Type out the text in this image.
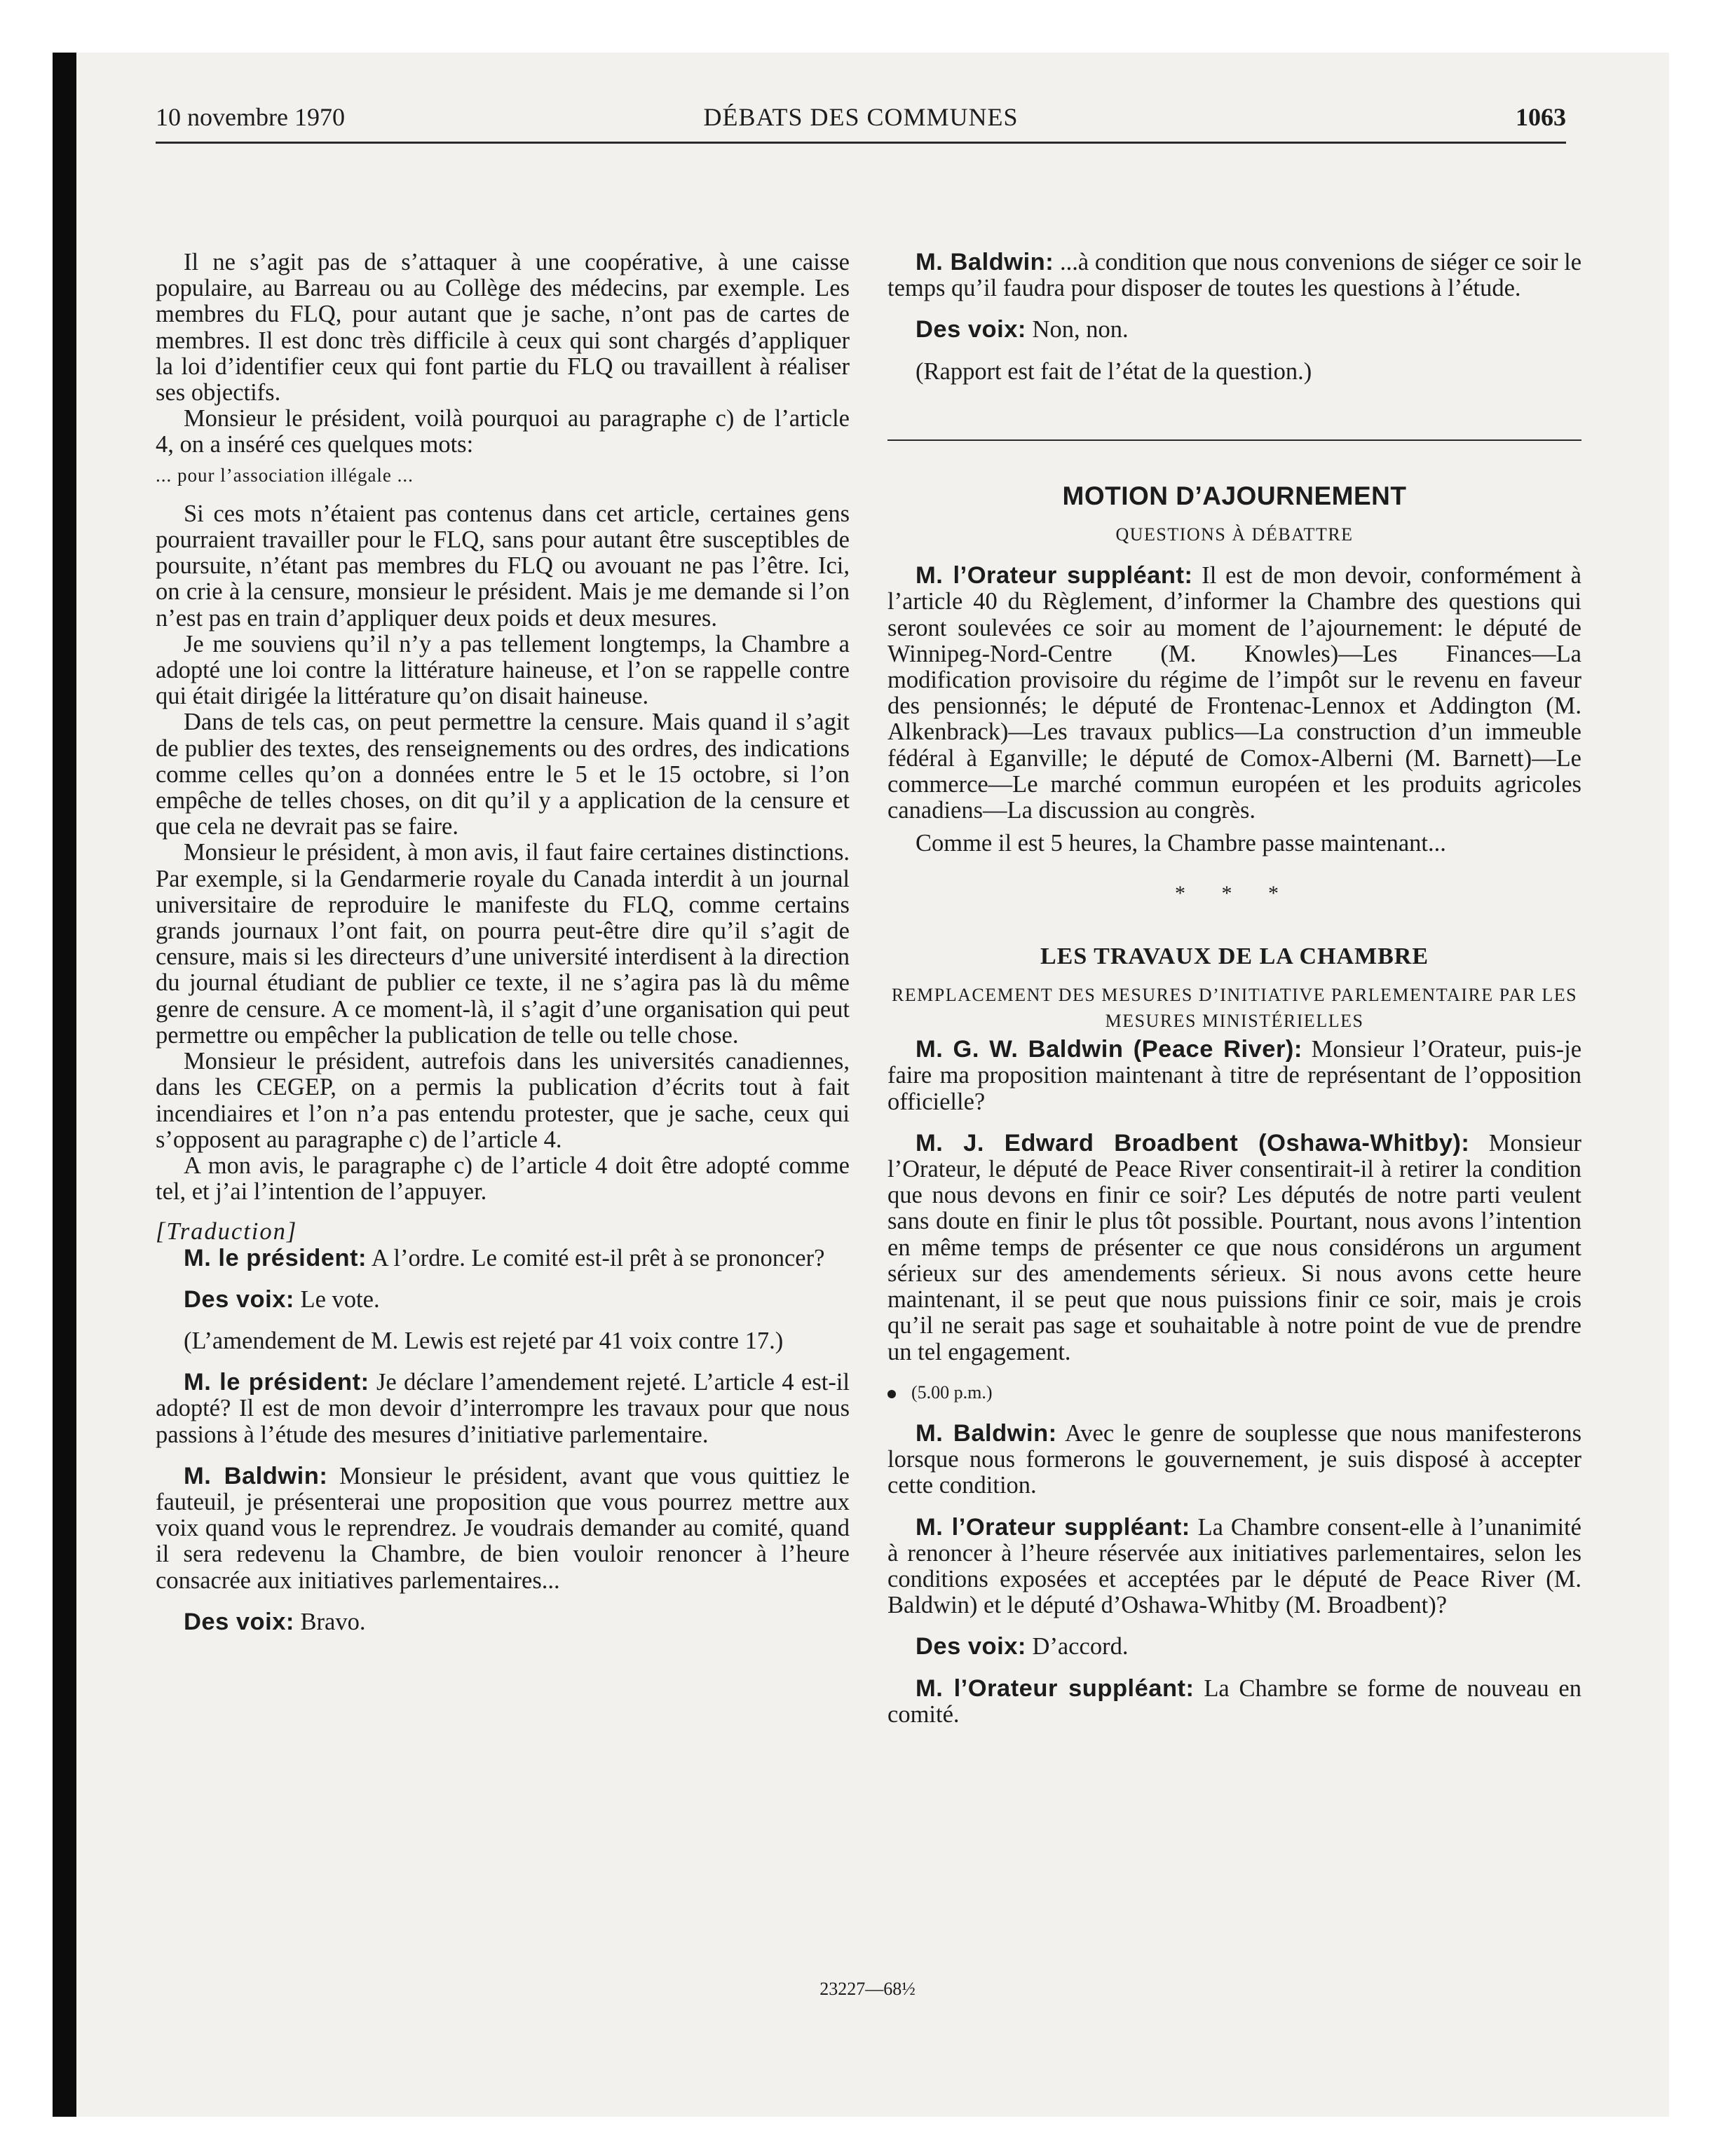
10 novembre 1970	DÉBATS DES COMMUNES	1063

Il ne s’agit pas de s’attaquer à une coopérative, à une caisse populaire, au Barreau ou au Collège des médecins, par exemple. Les membres du FLQ, pour autant que je sache, n’ont pas de cartes de membres. Il est donc très difficile à ceux qui sont chargés d’appliquer la loi d’identifier ceux qui font partie du FLQ ou travaillent à réaliser ses objectifs.

Monsieur le président, voilà pourquoi au paragraphe c) de l’article 4, on a inséré ces quelques mots:

... pour l’association illégale ...

Si ces mots n’étaient pas contenus dans cet article, certaines gens pourraient travailler pour le FLQ, sans pour autant être susceptibles de poursuite, n’étant pas membres du FLQ ou avouant ne pas l’être. Ici, on crie à la censure, monsieur le président. Mais je me demande si l’on n’est pas en train d’appliquer deux poids et deux mesures.

Je me souviens qu’il n’y a pas tellement longtemps, la Chambre a adopté une loi contre la littérature haineuse, et l’on se rappelle contre qui était dirigée la littérature qu’on disait haineuse.

Dans de tels cas, on peut permettre la censure. Mais quand il s’agit de publier des textes, des renseignements ou des ordres, des indications comme celles qu’on a données entre le 5 et le 15 octobre, si l’on empêche de telles choses, on dit qu’il y a application de la censure et que cela ne devrait pas se faire.

Monsieur le président, à mon avis, il faut faire certaines distinctions. Par exemple, si la Gendarmerie royale du Canada interdit à un journal universitaire de reproduire le manifeste du FLQ, comme certains grands journaux l’ont fait, on pourra peut-être dire qu’il s’agit de censure, mais si les directeurs d’une université interdisent à la direction du journal étudiant de publier ce texte, il ne s’agira pas là du même genre de censure. A ce moment-là, il s’agit d’une organisation qui peut permettre ou empêcher la publication de telle ou telle chose.

Monsieur le président, autrefois dans les universités canadiennes, dans les CEGEP, on a permis la publication d’écrits tout à fait incendiaires et l’on n’a pas entendu protester, que je sache, ceux qui s’opposent au paragraphe c) de l’article 4.

A mon avis, le paragraphe c) de l’article 4 doit être adopté comme tel, et j’ai l’intention de l’appuyer.

[Traduction]

M. le président: A l’ordre. Le comité est-il prêt à se prononcer?

Des voix: Le vote.

(L’amendement de M. Lewis est rejeté par 41 voix contre 17.)

M. le président: Je déclare l’amendement rejeté. L’article 4 est-il adopté? Il est de mon devoir d’interrompre les travaux pour que nous passions à l’étude des mesures d’initiative parlementaire.

M. Baldwin: Monsieur le président, avant que vous quittiez le fauteuil, je présenterai une proposition que vous pourrez mettre aux voix quand vous le reprendrez. Je voudrais demander au comité, quand il sera redevenu la Chambre, de bien vouloir renoncer à l’heure consacrée aux initiatives parlementaires...

Des voix: Bravo.

M. Baldwin: ...à condition que nous convenions de siéger ce soir le temps qu’il faudra pour disposer de toutes les questions à l’étude.

Des voix: Non, non.

(Rapport est fait de l’état de la question.)

MOTION D’AJOURNEMENT

QUESTIONS À DÉBATTRE

M. l’Orateur suppléant: Il est de mon devoir, conformément à l’article 40 du Règlement, d’informer la Chambre des questions qui seront soulevées ce soir au moment de l’ajournement: le député de Winnipeg-Nord-Centre (M. Knowles)—Les Finances—La modification provisoire du régime de l’impôt sur le revenu en faveur des pensionnés; le député de Frontenac-Lennox et Addington (M. Alkenbrack)—Les travaux publics—La construction d’un immeuble fédéral à Eganville; le député de Comox-Alberni (M. Barnett)—Le commerce—Le marché commun européen et les produits agricoles canadiens—La discussion au congrès.

Comme il est 5 heures, la Chambre passe maintenant...

* * *

LES TRAVAUX DE LA CHAMBRE

REMPLACEMENT DES MESURES D’INITIATIVE PARLEMENTAIRE PAR LES MESURES MINISTÉRIELLES

M. G. W. Baldwin (Peace River): Monsieur l’Orateur, puis-je faire ma proposition maintenant à titre de représentant de l’opposition officielle?

M. J. Edward Broadbent (Oshawa-Whitby): Monsieur l’Orateur, le député de Peace River consentirait-il à retirer la condition que nous devons en finir ce soir? Les députés de notre parti veulent sans doute en finir le plus tôt possible. Pourtant, nous avons l’intention en même temps de présenter ce que nous considérons un argument sérieux sur des amendements sérieux. Si nous avons cette heure maintenant, il se peut que nous puissions finir ce soir, mais je crois qu’il ne serait pas sage et souhaitable à notre point de vue de prendre un tel engagement.

(5.00 p.m.)

M. Baldwin: Avec le genre de souplesse que nous manifesterons lorsque nous formerons le gouvernement, je suis disposé à accepter cette condition.

M. l’Orateur suppléant: La Chambre consent-elle à l’unanimité à renoncer à l’heure réservée aux initiatives parlementaires, selon les conditions exposées et acceptées par le député de Peace River (M. Baldwin) et le député d’Oshawa-Whitby (M. Broadbent)?

Des voix: D’accord.

M. l’Orateur suppléant: La Chambre se forme de nouveau en comité.

23227—68½
